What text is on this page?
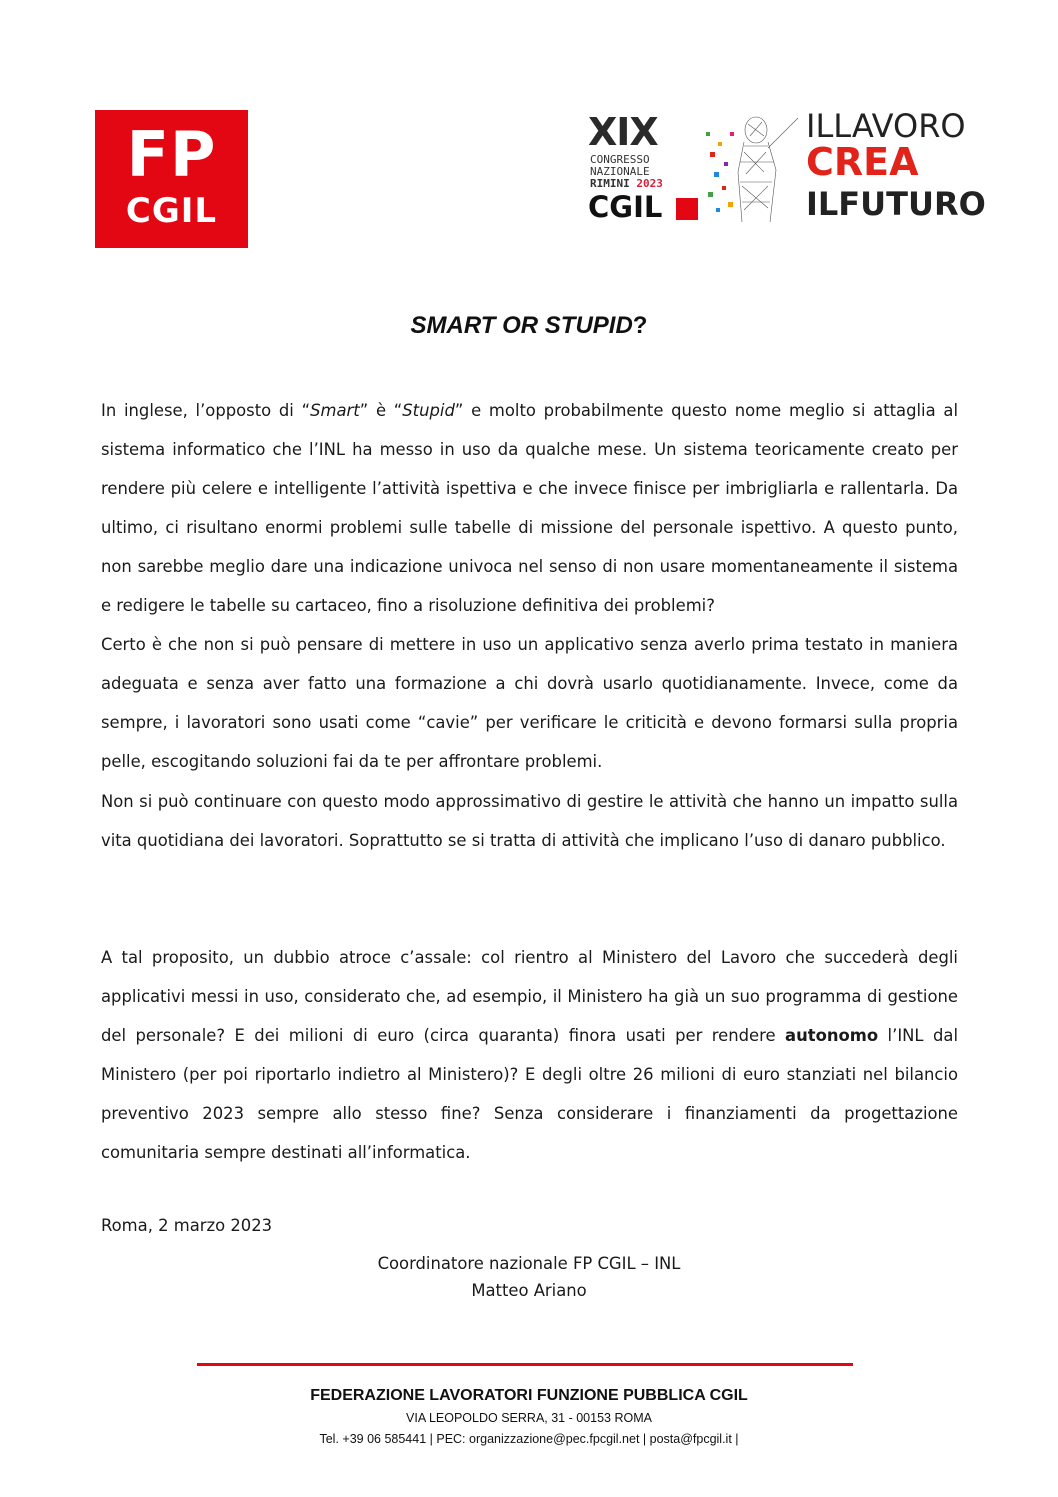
FP
CGIL
XIX
CONGRESSO
NAZIONALE
RIMINI 2023
CGIL
ILLAVORO
CREA
ILFUTURO
SMART OR STUPID?

In inglese, l’opposto di “Smart” è “Stupid” e molto probabilmente questo nome meglio si attaglia al sistema informatico che l’INL ha messo in uso da qualche mese. Un sistema teoricamente creato per rendere più celere e intelligente l’attività ispettiva e che invece finisce per imbrigliarla e rallentarla. Da ultimo, ci risultano enormi problemi sulle tabelle di missione del personale ispettivo. A questo punto, non sarebbe meglio dare una indicazione univoca nel senso di non usare momentaneamente il sistema e redigere le tabelle su cartaceo, fino a risoluzione definitiva dei problemi?

Certo è che non si può pensare di mettere in uso un applicativo senza averlo prima testato in maniera adeguata e senza aver fatto una formazione a chi dovrà usarlo quotidianamente. Invece, come da sempre, i lavoratori sono usati come “cavie” per verificare le criticità e devono formarsi sulla propria pelle, escogitando soluzioni fai da te per affrontare problemi.

Non si può continuare con questo modo approssimativo di gestire le attività che hanno un impatto sulla vita quotidiana dei lavoratori. Soprattutto se si tratta di attività che implicano l’uso di danaro pubblico.

A tal proposito, un dubbio atroce c’assale: col rientro al Ministero del Lavoro che succederà degli applicativi messi in uso, considerato che, ad esempio, il Ministero ha già un suo programma di gestione del personale? E dei milioni di euro (circa quaranta) finora usati per rendere autonomo l’INL dal Ministero (per poi riportarlo indietro al Ministero)? E degli oltre 26 milioni di euro stanziati nel bilancio preventivo 2023 sempre allo stesso fine? Senza considerare i finanziamenti da progettazione comunitaria sempre destinati all’informatica.

Roma, 2 marzo 2023
Coordinatore nazionale FP CGIL – INL
Matteo Ariano
FEDERAZIONE LAVORATORI FUNZIONE PUBBLICA CGIL
VIA LEOPOLDO SERRA, 31 - 00153 ROMA
Tel. +39 06 585441 | PEC: organizzazione@pec.fpcgil.net | posta@fpcgil.it |
